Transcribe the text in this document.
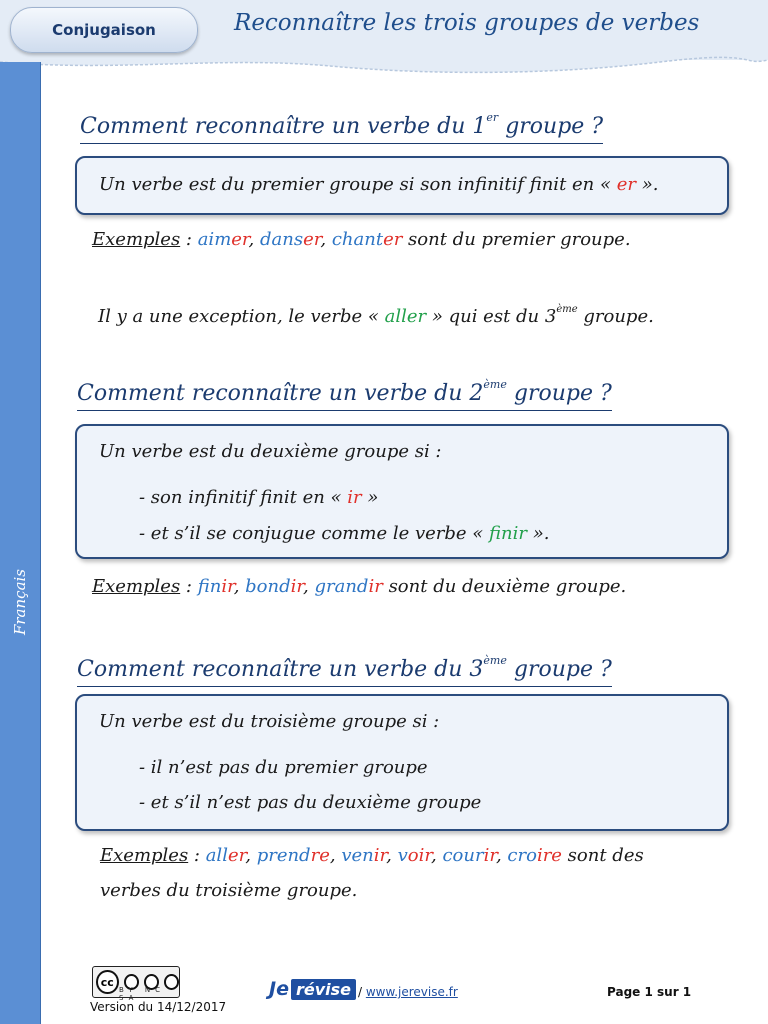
Conjugaison	Reconnaître les trois groupes de verbes
Français
Comment reconnaître un verbe du 1er groupe ?
Un verbe est du premier groupe si son infinitif finit en « er ».
Exemples : aimer, danser, chanter sont du premier groupe.
Il y a une exception, le verbe « aller » qui est du 3ème groupe.
Comment reconnaître un verbe du 2ème groupe ?
Un verbe est du deuxième groupe si :
- son infinitif finit en « ir »
- et s’il se conjugue comme le verbe « finir ».
Exemples : finir, bondir, grandir sont du deuxième groupe.
Comment reconnaître un verbe du 3ème groupe ?
Un verbe est du troisième groupe si :
- il n’est pas du premier groupe
- et s’il n’est pas du deuxième groupe
Exemples : aller, prendre, venir, voir, courir, croire sont des
verbes du troisième groupe.
cc
BY NC SA
Version du 14/12/2017
Je révise / www.jerevise.fr	Page 1 sur 1
